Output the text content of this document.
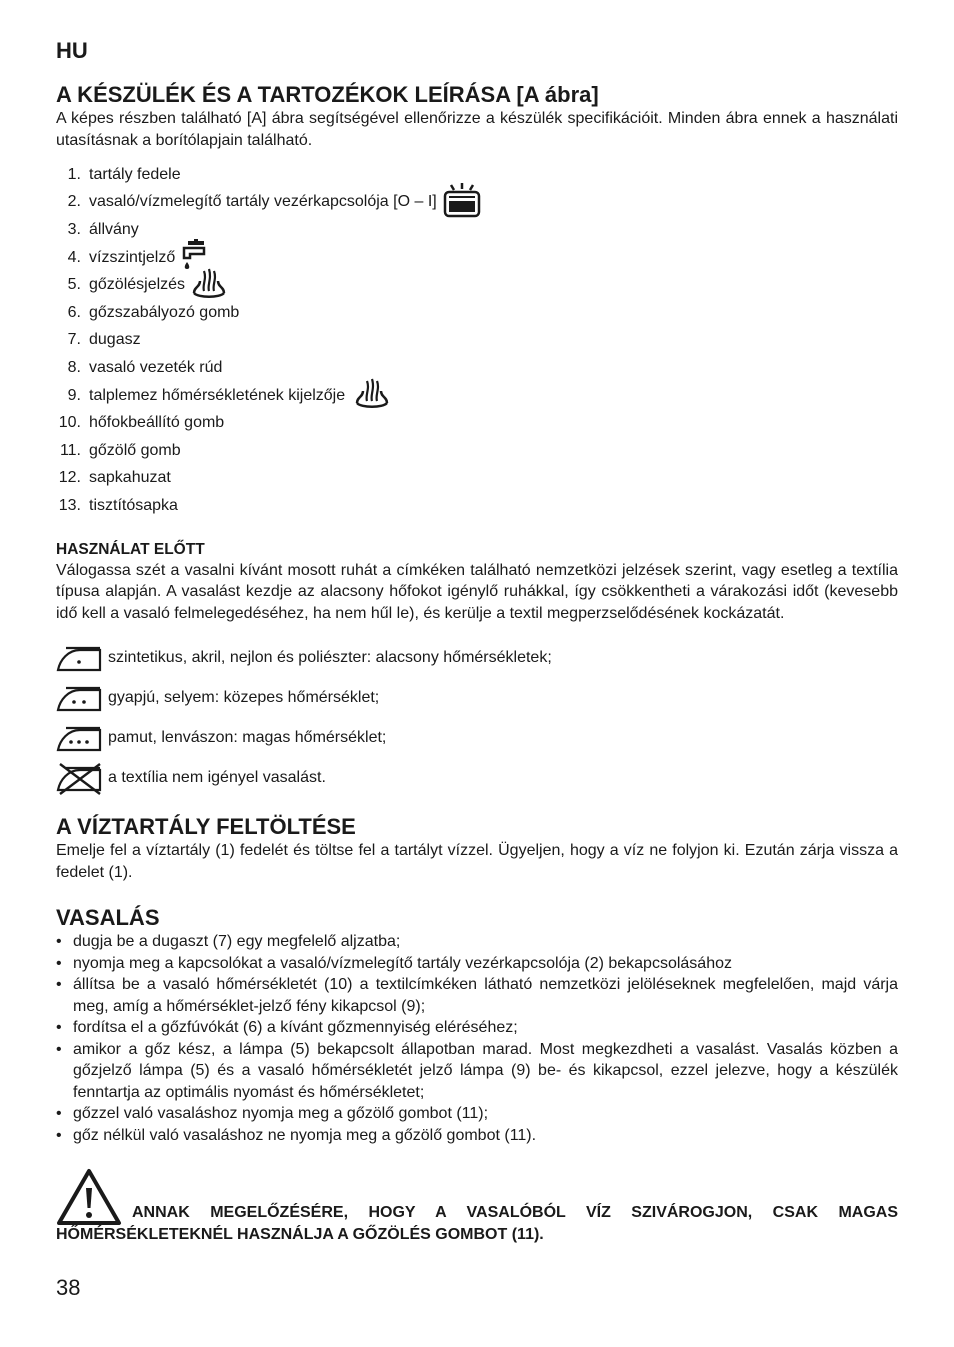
HU
A KÉSZÜLÉK ÉS A TARTOZÉKOK LEÍRÁSA [A ábra]

A képes részben található [A] ábra segítségével ellenőrizze a készülék specifikációit. Minden ábra ennek a használati utasításnak a borítólapjain található.

1. tartály fedele
2. vasaló/vízmelegítő tartály vezérkapcsolója [O – I]
3. állvány
4. vízszintjelző
5. gőzölésjelzés
6. gőzszabályozó gomb
7. dugasz
8. vasaló vezeték rúd
9. talplemez hőmérsékletének kijelzője
10. hőfokbeállító gomb
11. gőzölő gomb
12. sapkahuzat
13. tisztítósapka
HASZNÁLAT ELŐTT

Válogassa szét a vasalni kívánt mosott ruhát a címkéken található nemzetközi jelzések szerint, vagy esetleg a textília típusa alapján. A vasalást kezdje az alacsony hőfokot igénylő ruhákkal, így csökkentheti a várakozási időt (kevesebb idő kell a vasaló felmelegedéséhez, ha nem hűl le), és kerülje a textil megperzselődésének kockázatát.

szintetikus, akril, nejlon és poliészter: alacsony hőmérsékletek;
gyapjú, selyem: közepes hőmérséklet;
pamut, lenvászon: magas hőmérséklet;
a textília nem igényel vasalást.
A VÍZTARTÁLY FELTÖLTÉSE

Emelje fel a víztartály (1) fedelét és töltse fel a tartályt vízzel. Ügyeljen, hogy a víz ne folyjon ki. Ezután zárja vissza a fedelet (1).

VASALÁS
• dugja be a dugaszt (7) egy megfelelő aljzatba;
• nyomja meg a kapcsolókat a vasaló/vízmelegítő tartály vezérkapcsolója (2) bekapcsolásához
• állítsa be a vasaló hőmérsékletét (10) a textilcímkéken látható nemzetközi jelöléseknek megfelelően, majd várja meg, amíg a hőmérséklet-jelző fény kikapcsol (9);
• fordítsa el a gőzfúvókát (6) a kívánt gőzmennyiség eléréséhez;
• amikor a gőz kész, a lámpa (5) bekapcsolt állapotban marad. Most megkezdheti a vasalást. Vasalás közben a gőzjelző lámpa (5) és a vasaló hőmérsékletét jelző lámpa (9) be- és kikapcsol, ezzel jelezve, hogy a készülék fenntartja az optimális nyomást és hőmérsékletet;
• gőzzel való vasaláshoz nyomja meg a gőzölő gombot (11);
• gőz nélkül való vasaláshoz ne nyomja meg a gőzölő gombot (11).

ANNAK MEGELŐZÉSÉRE, HOGY A VASALÓBÓL VÍZ SZIVÁROGJON, CSAK MAGAS HŐMÉRSÉKLETEKNÉL HASZNÁLJA A GŐZÖLÉS GOMBOT (11).

38
